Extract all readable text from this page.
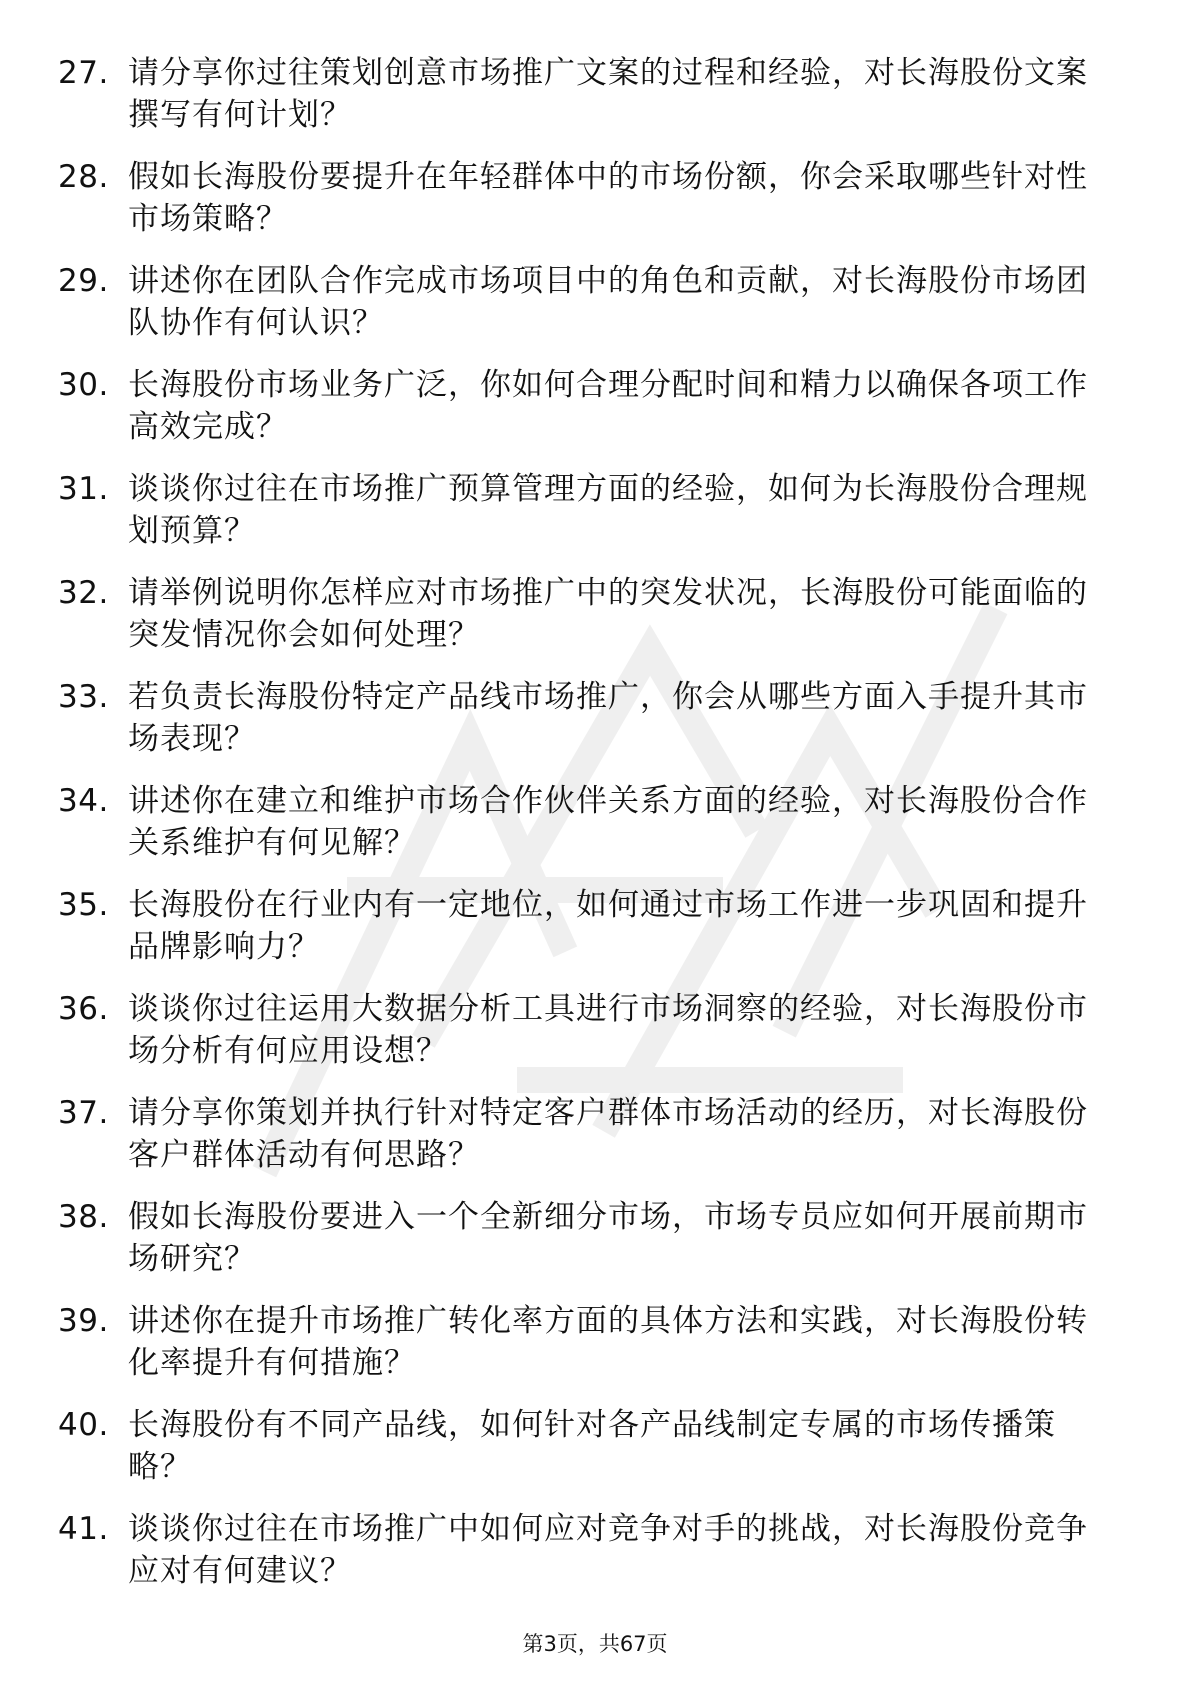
27. 请分享你过往策划创意市场推广文案的过程和经验，对长海股份文案撰写有何计划？
28. 假如长海股份要提升在年轻群体中的市场份额，你会采取哪些针对性市场策略？
29. 讲述你在团队合作完成市场项目中的角色和贡献，对长海股份市场团队协作有何认识？
30. 长海股份市场业务广泛，你如何合理分配时间和精力以确保各项工作高效完成？
31. 谈谈你过往在市场推广预算管理方面的经验，如何为长海股份合理规划预算？
32. 请举例说明你怎样应对市场推广中的突发状况，长海股份可能面临的突发情况你会如何处理？
33. 若负责长海股份特定产品线市场推广，你会从哪些方面入手提升其市场表现？
34. 讲述你在建立和维护市场合作伙伴关系方面的经验，对长海股份合作关系维护有何见解？
35. 长海股份在行业内有一定地位，如何通过市场工作进一步巩固和提升品牌影响力？
36. 谈谈你过往运用大数据分析工具进行市场洞察的经验，对长海股份市场分析有何应用设想？
37. 请分享你策划并执行针对特定客户群体市场活动的经历，对长海股份客户群体活动有何思路？
38. 假如长海股份要进入一个全新细分市场，市场专员应如何开展前期市场研究？
39. 讲述你在提升市场推广转化率方面的具体方法和实践，对长海股份转化率提升有何措施？
40. 长海股份有不同产品线，如何针对各产品线制定专属的市场传播策略？
41. 谈谈你过往在市场推广中如何应对竞争对手的挑战，对长海股份竞争应对有何建议？
第3页，共67页
